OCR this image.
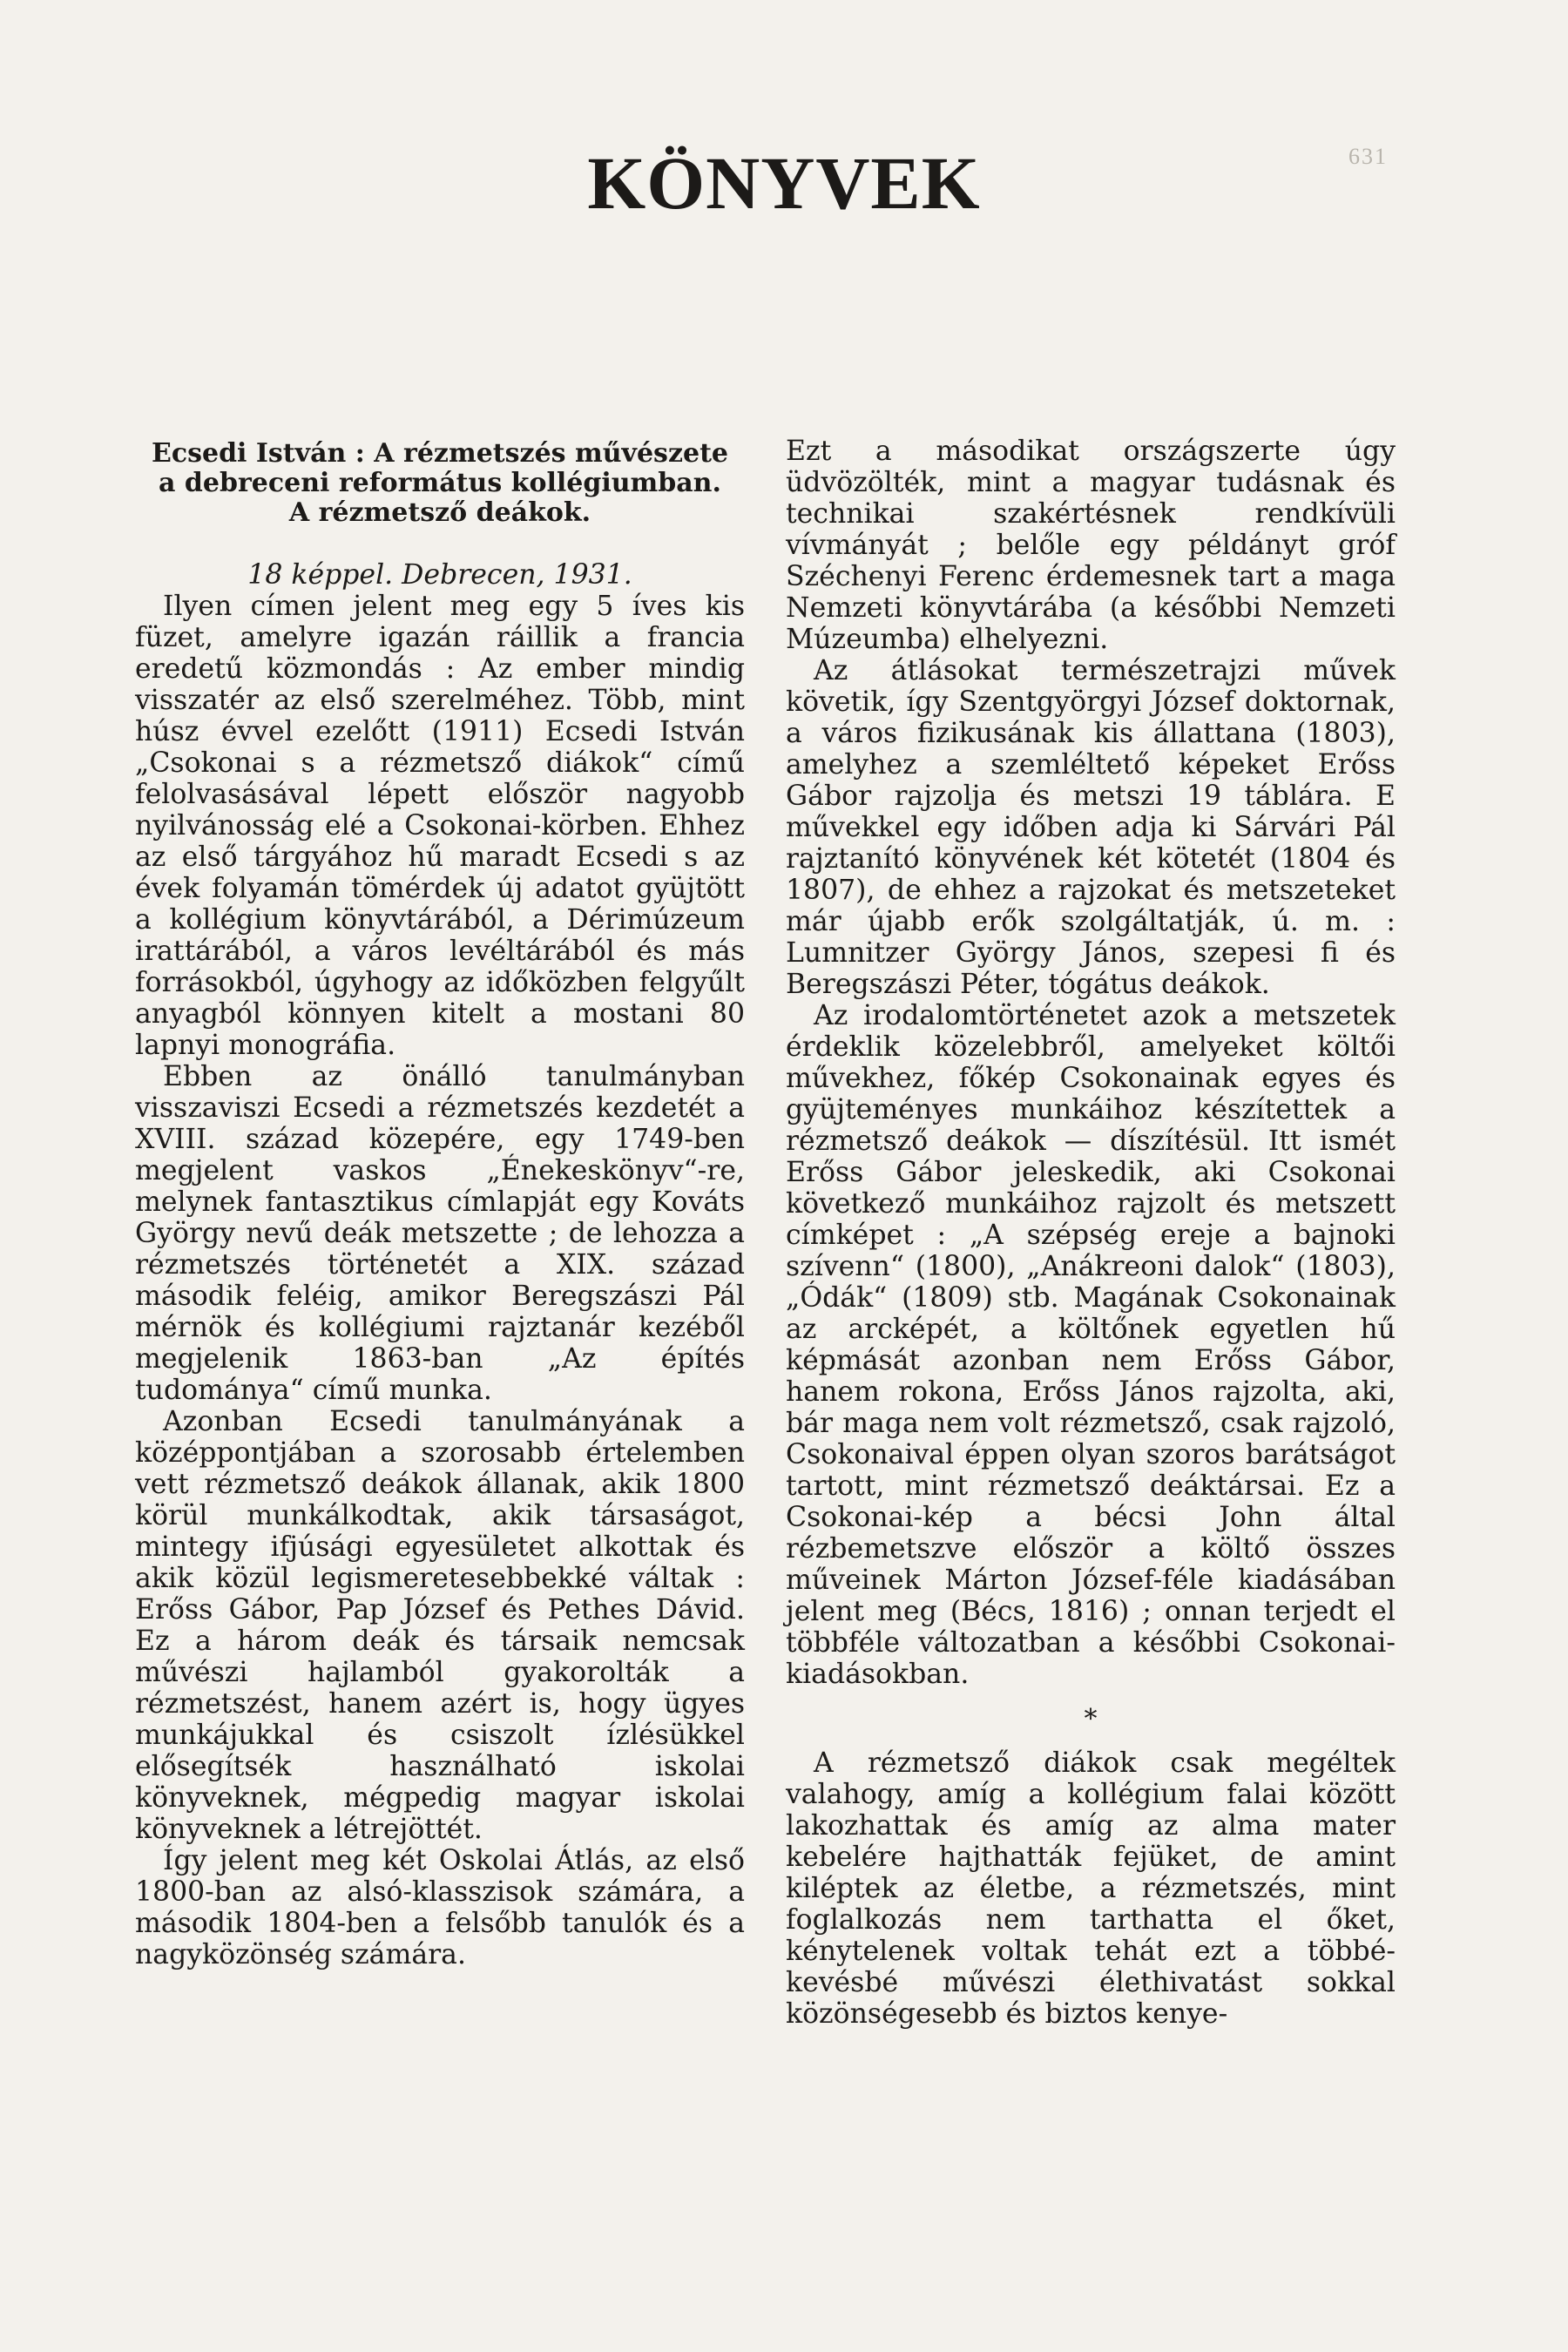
631
KÖNYVEK
Ecsedi István : A rézmetszés művészete
a debreceni református kollégiumban.
A rézmetsző deákok.

18 képpel. Debrecen, 1931.

Ilyen címen jelent meg egy 5 íves kis füzet, amelyre igazán ráillik a francia eredetű közmondás : Az ember mindig visszatér az első szerelméhez. Több, mint húsz évvel ezelőtt (1911) Ecsedi István „Csokonai s a rézmetsző diákok“ című felolvasásával lépett először nagyobb nyilvánosság elé a Csokonai-körben. Ehhez az első tárgyához hű maradt Ecsedi s az évek folyamán tömérdek új adatot gyüjtött a kollégium könyvtárából, a Dérimúzeum irattárából, a város levéltárából és más forrásokból, úgyhogy az időközben felgyűlt anyagból könnyen kitelt a mostani 80 lapnyi monográfia.

Ebben az önálló tanulmányban visszaviszi Ecsedi a rézmetszés kezdetét a XVIII. század közepére, egy 1749-ben megjelent vaskos „Énekeskönyv“-re, melynek fantasztikus címlapját egy Kováts György nevű deák metszette ; de lehozza a rézmetszés történetét a XIX. század második feléig, amikor Beregszászi Pál mérnök és kollégiumi rajztanár kezéből megjelenik 1863-ban „Az építés tudománya“ című munka.

Azonban Ecsedi tanulmányának a középpontjában a szorosabb értelemben vett rézmetsző deákok állanak, akik 1800 körül munkálkodtak, akik társaságot, mintegy ifjúsági egyesületet alkottak és akik közül legismeretesebbekké váltak : Erőss Gábor, Pap József és Pethes Dávid. Ez a három deák és társaik nemcsak művészi hajlamból gyakorolták a rézmetszést, hanem azért is, hogy ügyes munkájukkal és csiszolt ízlésükkel elősegítsék használható iskolai könyveknek, mégpedig magyar iskolai könyveknek a létrejöttét.

Így jelent meg két Oskolai Átlás, az első 1800-ban az alsó-klasszisok számára, a második 1804-ben a felsőbb tanulók és a nagyközönség számára.

Ezt a másodikat országszerte úgy üdvözölték, mint a magyar tudásnak és technikai szakértésnek rendkívüli vívmányát ; belőle egy példányt gróf Széchenyi Ferenc érdemesnek tart a maga Nemzeti könyvtárába (a későbbi Nemzeti Múzeumba) elhelyezni.

Az átlásokat természetrajzi művek követik, így Szentgyörgyi József doktornak, a város fizikusának kis állattana (1803), amelyhez a szemléltető képeket Erőss Gábor rajzolja és metszi 19 táblára. E művekkel egy időben adja ki Sárvári Pál rajztanító könyvének két kötetét (1804 és 1807), de ehhez a rajzokat és metszeteket már újabb erők szolgáltatják, ú. m. : Lumnitzer György János, szepesi fi és Beregszászi Péter, tógátus deákok.

Az irodalomtörténetet azok a metszetek érdeklik közelebbről, amelyeket költői művekhez, főkép Csokonainak egyes és gyüjteményes munkáihoz készítettek a rézmetsző deákok — díszítésül. Itt ismét Erőss Gábor jeleskedik, aki Csokonai következő munkáihoz rajzolt és metszett címképet : „A szépség ereje a bajnoki szívenn“ (1800), „Anákreoni dalok“ (1803), „Ódák“ (1809) stb. Magának Csokonainak az arcképét, a költőnek egyetlen hű képmását azonban nem Erőss Gábor, hanem rokona, Erőss János rajzolta, aki, bár maga nem volt rézmetsző, csak rajzoló, Csokonaival éppen olyan szoros barátságot tartott, mint rézmetsző deáktársai. Ez a Csokonai-kép a bécsi John által rézbemetszve először a költő összes műveinek Márton József-féle kiadásában jelent meg (Bécs, 1816) ; onnan terjedt el többféle változatban a későbbi Csokonai-kiadásokban.

*

A rézmetsző diákok csak megéltek valahogy, amíg a kollégium falai között lakozhattak és amíg az alma mater kebelére hajthatták fejüket, de amint kiléptek az életbe, a rézmetszés, mint foglalkozás nem tarthatta el őket, kénytelenek voltak tehát ezt a többé-kevésbé művészi élethivatást sokkal közönségesebb és biztos kenye-
